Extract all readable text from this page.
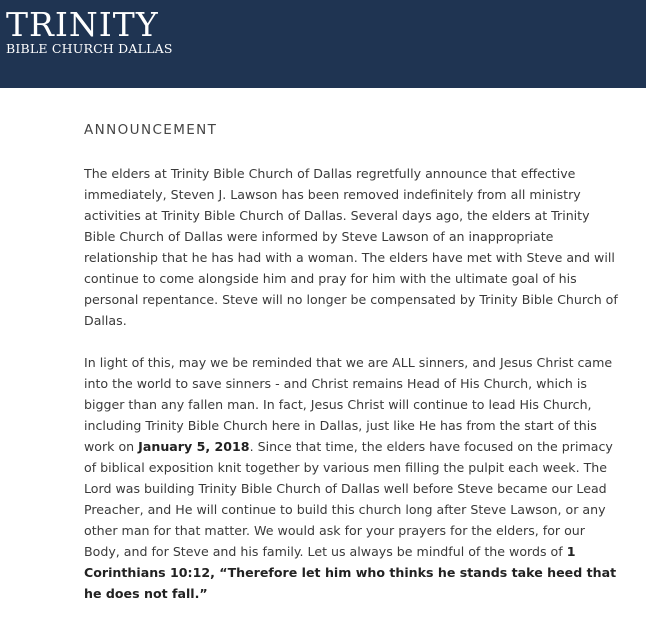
TRINITY
BIBLE CHURCH DALLAS
ANNOUNCEMENT

The elders at Trinity Bible Church of Dallas regretfully announce that effective immediately, Steven J. Lawson has been removed indefinitely from all ministry activities at Trinity Bible Church of Dallas. Several days ago, the elders at Trinity Bible Church of Dallas were informed by Steve Lawson of an inappropriate relationship that he has had with a woman. The elders have met with Steve and will continue to come alongside him and pray for him with the ultimate goal of his personal repentance. Steve will no longer be compensated by Trinity Bible Church of Dallas.

In light of this, may we be reminded that we are ALL sinners, and Jesus Christ came into the world to save sinners - and Christ remains Head of His Church, which is bigger than any fallen man. In fact, Jesus Christ will continue to lead His Church, including Trinity Bible Church here in Dallas, just like He has from the start of this work on January 5, 2018. Since that time, the elders have focused on the primacy of biblical exposition knit together by various men filling the pulpit each week. The Lord was building Trinity Bible Church of Dallas well before Steve became our Lead Preacher, and He will continue to build this church long after Steve Lawson, or any other man for that matter. We would ask for your prayers for the elders, for our Body, and for Steve and his family. Let us always be mindful of the words of 1 Corinthians 10:12, “Therefore let him who thinks he stands take heed that he does not fall.”
